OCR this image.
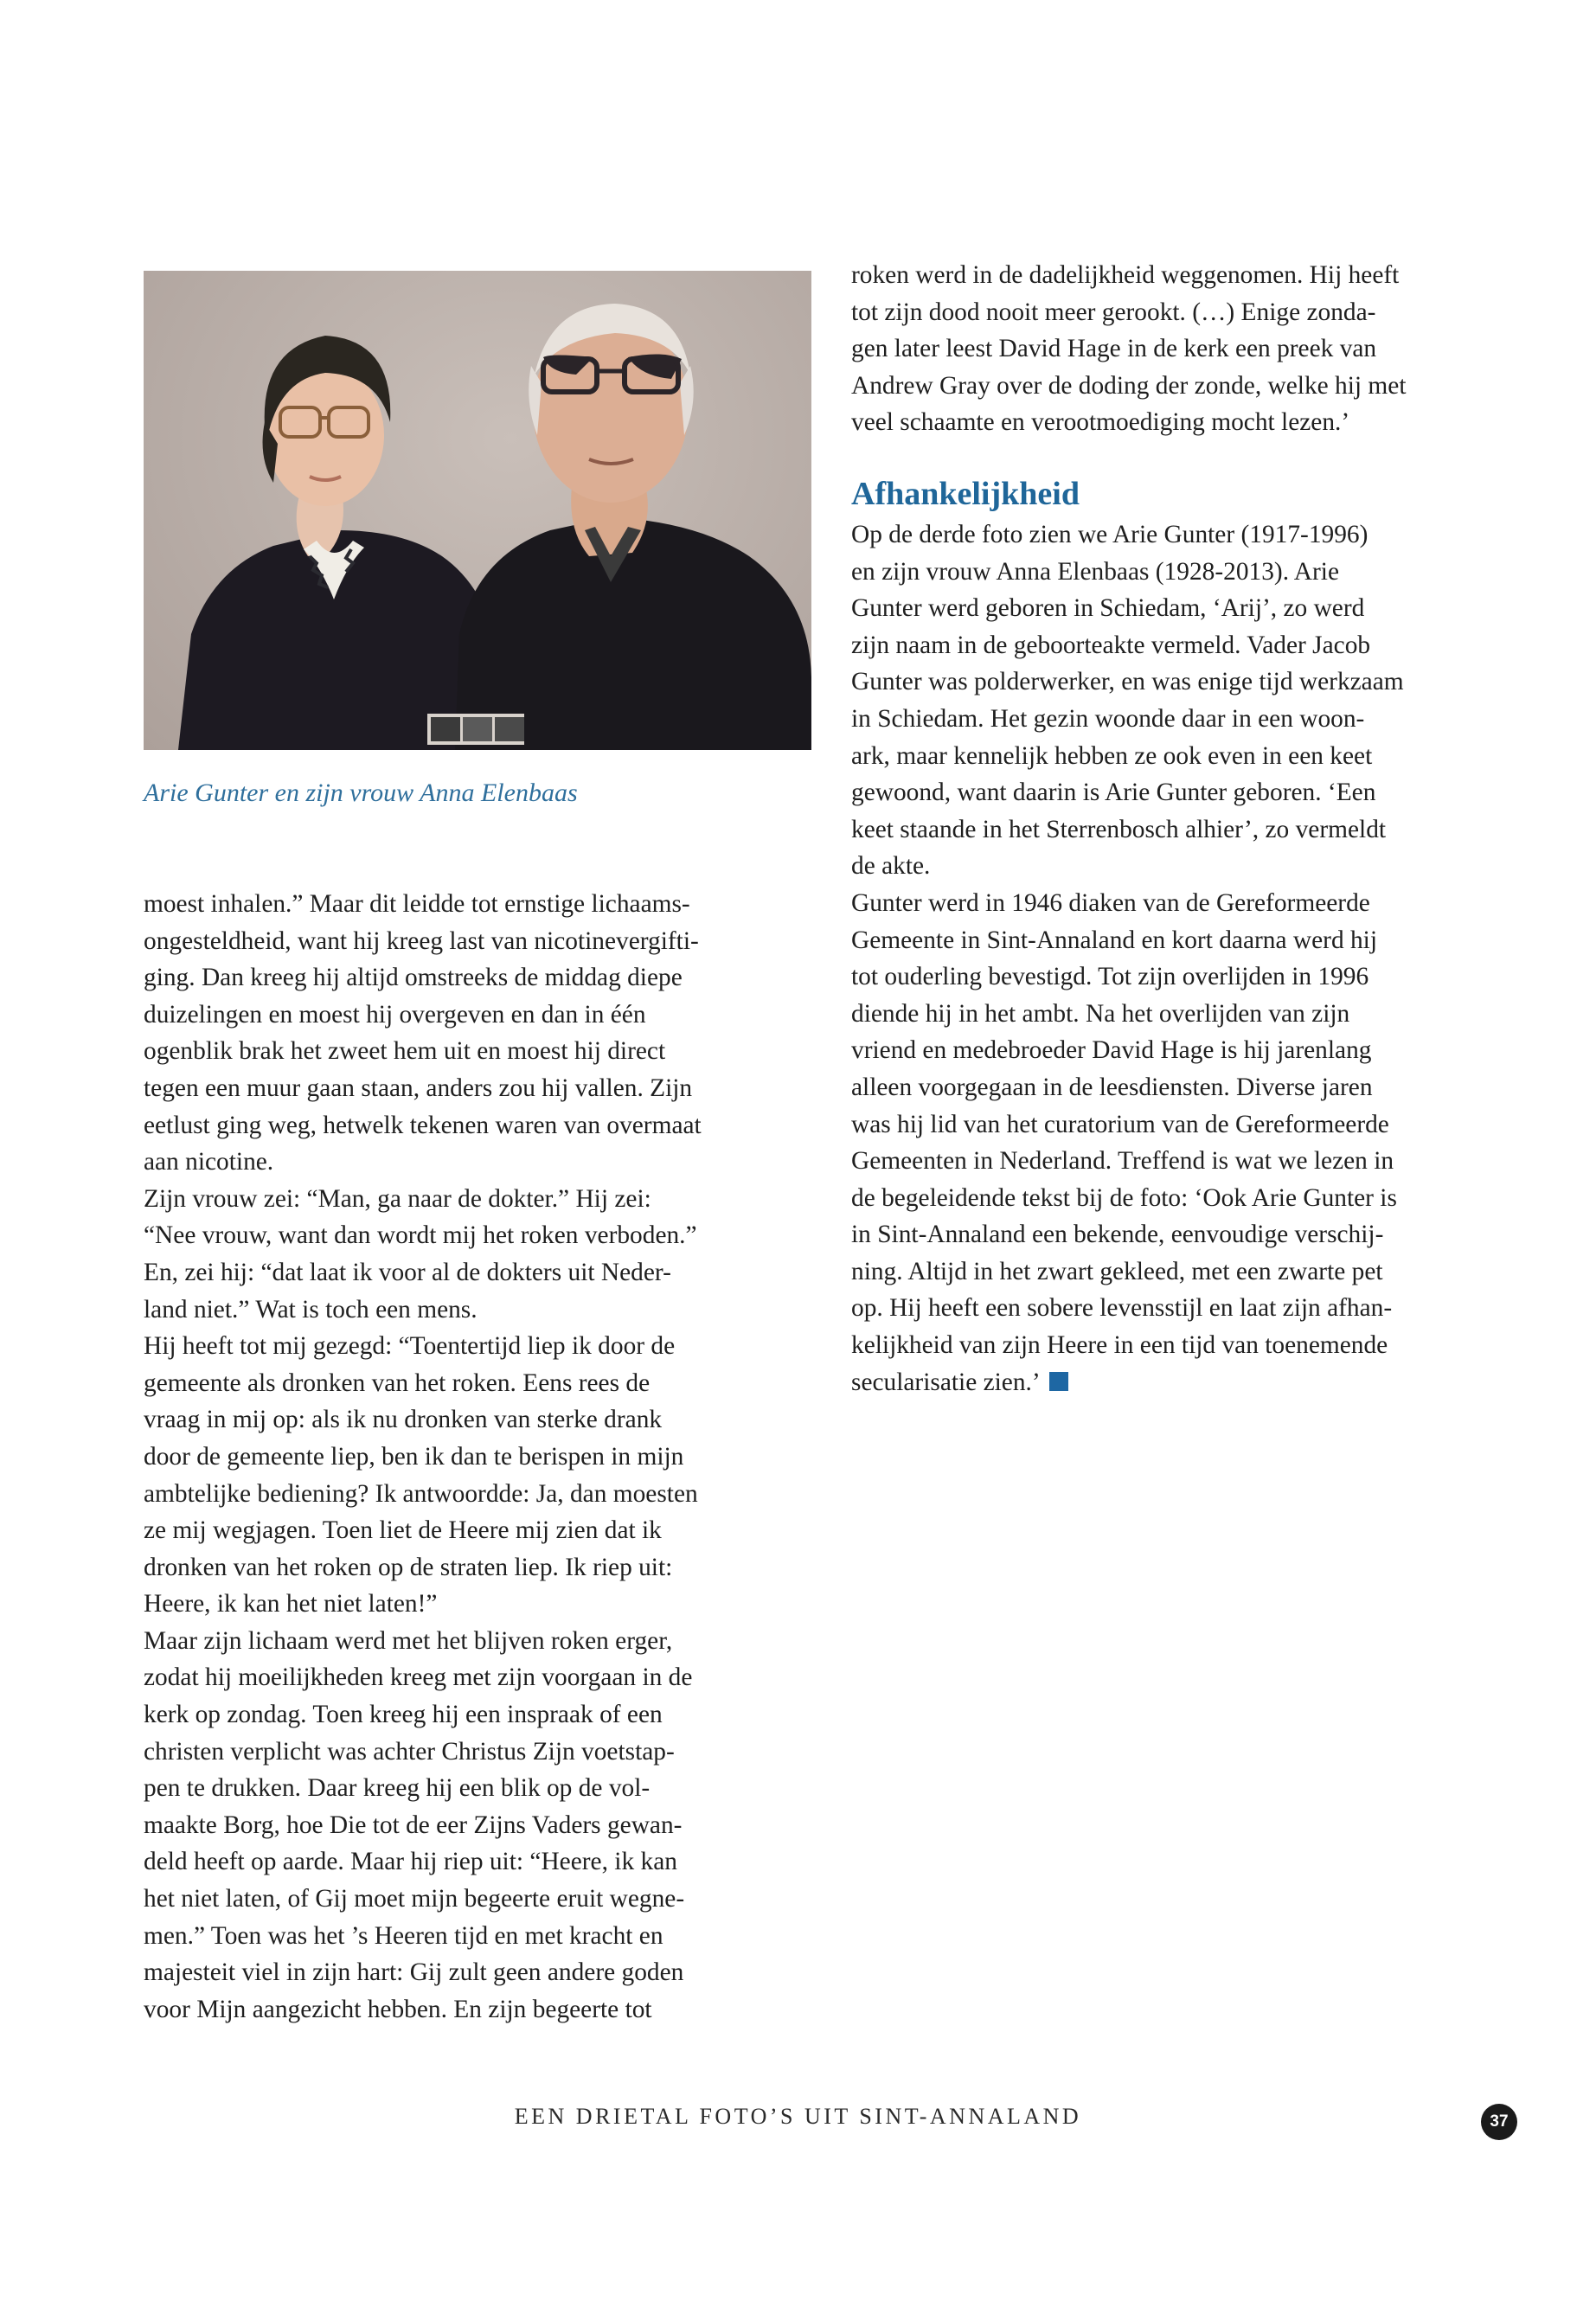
Arie Gunter en zijn vrouw Anna Elenbaas

moest inhalen.” Maar dit leidde tot ernstige lichaams-
ongesteldheid, want hij kreeg last van nicotinevergifti-
ging. Dan kreeg hij altijd omstreeks de middag diepe
duizelingen en moest hij overgeven en dan in één
ogenblik brak het zweet hem uit en moest hij direct
tegen een muur gaan staan, anders zou hij vallen. Zijn
eetlust ging weg, hetwelk tekenen waren van overmaat
aan nicotine.

Zijn vrouw zei: “Man, ga naar de dokter.” Hij zei:
“Nee vrouw, want dan wordt mij het roken verboden.”
En, zei hij: “dat laat ik voor al de dokters uit Neder-
land niet.” Wat is toch een mens.

Hij heeft tot mij gezegd: “Toentertijd liep ik door de
gemeente als dronken van het roken. Eens rees de
vraag in mij op: als ik nu dronken van sterke drank
door de gemeente liep, ben ik dan te berispen in mijn
ambtelijke bediening? Ik antwoordde: Ja, dan moesten
ze mij wegjagen. Toen liet de Heere mij zien dat ik
dronken van het roken op de straten liep. Ik riep uit:
Heere, ik kan het niet laten!”

Maar zijn lichaam werd met het blijven roken erger,
zodat hij moeilijkheden kreeg met zijn voorgaan in de
kerk op zondag. Toen kreeg hij een inspraak of een
christen verplicht was achter Christus Zijn voetstap-
pen te drukken. Daar kreeg hij een blik op de vol-
maakte Borg, hoe Die tot de eer Zijns Vaders gewan-
deld heeft op aarde. Maar hij riep uit: “Heere, ik kan
het niet laten, of Gij moet mijn begeerte eruit wegne-
men.” Toen was het ’s Heeren tijd en met kracht en
majesteit viel in zijn hart: Gij zult geen andere goden
voor Mijn aangezicht hebben. En zijn begeerte tot

roken werd in de dadelijkheid weggenomen. Hij heeft
tot zijn dood nooit meer gerookt. (…) Enige zonda-
gen later leest David Hage in de kerk een preek van
Andrew Gray over de doding der zonde, welke hij met
veel schaamte en verootmoediging mocht lezen.’

Afhankelijkheid

Op de derde foto zien we Arie Gunter (1917-1996)
en zijn vrouw Anna Elenbaas (1928-2013). Arie
Gunter werd geboren in Schiedam, ‘Arij’, zo werd
zijn naam in de geboorteakte vermeld. Vader Jacob
Gunter was polderwerker, en was enige tijd werkzaam
in Schiedam. Het gezin woonde daar in een woon-
ark, maar kennelijk hebben ze ook even in een keet
gewoond, want daarin is Arie Gunter geboren. ‘Een
keet staande in het Sterrenbosch alhier’, zo vermeldt
de akte.

Gunter werd in 1946 diaken van de Gereformeerde
Gemeente in Sint-Annaland en kort daarna werd hij
tot ouderling bevestigd. Tot zijn overlijden in 1996
diende hij in het ambt. Na het overlijden van zijn
vriend en medebroeder David Hage is hij jarenlang
alleen voorgegaan in de leesdiensten. Diverse jaren
was hij lid van het curatorium van de Gereformeerde
Gemeenten in Nederland. Treffend is wat we lezen in
de begeleidende tekst bij de foto: ‘Ook Arie Gunter is
in Sint-Annaland een bekende, eenvoudige verschij-
ning. Altijd in het zwart gekleed, met een zwarte pet
op. Hij heeft een sobere levensstijl en laat zijn afhan-
kelijkheid van zijn Heere in een tijd van toenemende
secularisatie zien.’

EEN DRIETAL FOTO’S UIT SINT-ANNALAND	37
